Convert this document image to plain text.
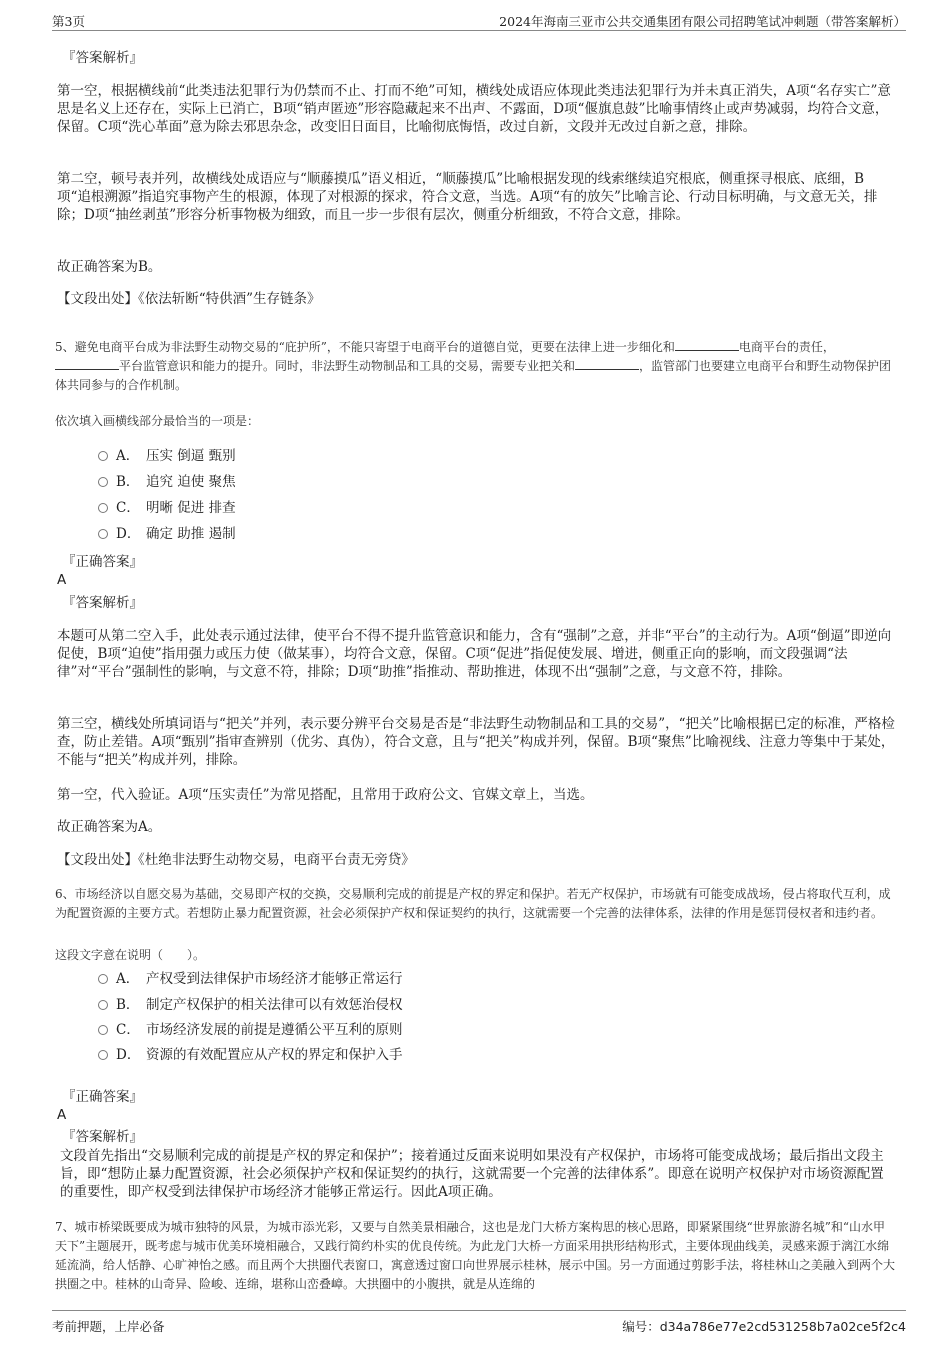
第3页	2024年海南三亚市公共交通集团有限公司招聘笔试冲刺题（带答案解析）
『答案解析』

第一空，根据横线前“此类违法犯罪行为仍禁而不止、打而不绝”可知，横线处成语应体现此类违法犯罪行为并未真正消失，A项“名存实亡”意思是名义上还存在，实际上已消亡，B项“销声匿迹”形容隐藏起来不出声、不露面，D项“偃旗息鼓”比喻事情终止或声势减弱，均符合文意，保留。C项“洗心革面”意为除去邪思杂念，改变旧日面目，比喻彻底悔悟，改过自新，文段并无改过自新之意，排除。

第二空，顿号表并列，故横线处成语应与“顺藤摸瓜”语义相近，“顺藤摸瓜”比喻根据发现的线索继续追究根底，侧重探寻根底、底细，B项“追根溯源”指追究事物产生的根源，体现了对根源的探求，符合文意，当选。A项“有的放矢”比喻言论、行动目标明确，与文意无关，排除；D项“抽丝剥茧”形容分析事物极为细致，而且一步一步很有层次，侧重分析细致，不符合文意，排除。

故正确答案为B。

【文段出处】《依法斩断“特供酒”生存链条》

5、避免电商平台成为非法野生动物交易的“庇护所”，不能只寄望于电商平台的道德自觉，更要在法律上进一步细化和	电商平台的责任，平台监管意识和能力的提升。同时，非法野生动物制品和工具的交易，需要专业把关和	，监管部门也要建立电商平台和野生动物保护团体共同参与的合作机制。

依次填入画横线部分最恰当的一项是：

A． 压实 倒逼 甄别
B． 追究 迫使 聚焦
C． 明晰 促进 排查
D． 确定 助推 遏制
『正确答案』
A
『答案解析』

本题可从第二空入手，此处表示通过法律，使平台不得不提升监管意识和能力，含有“强制”之意，并非“平台”的主动行为。A项“倒逼”即逆向促使，B项“迫使”指用强力或压力使（做某事），均符合文意，保留。C项“促进”指促使发展、增进，侧重正向的影响，而文段强调“法律”对“平台”强制性的影响，与文意不符，排除；D项“助推”指推动、帮助推进，体现不出“强制”之意，与文意不符，排除。

第三空，横线处所填词语与“把关”并列，表示要分辨平台交易是否是“非法野生动物制品和工具的交易”，“把关”比喻根据已定的标准，严格检查，防止差错。A项“甄别”指审查辨别（优劣、真伪），符合文意，且与“把关”构成并列，保留。B项“聚焦”比喻视线、注意力等集中于某处，不能与“把关”构成并列，排除。

第一空，代入验证。A项“压实责任”为常见搭配，且常用于政府公文、官媒文章上，当选。

故正确答案为A。

【文段出处】《杜绝非法野生动物交易，电商平台责无旁贷》

6、市场经济以自愿交易为基础，交易即产权的交换，交易顺利完成的前提是产权的界定和保护。若无产权保护，市场就有可能变成战场，侵占将取代互利，成为配置资源的主要方式。若想防止暴力配置资源，社会必须保护产权和保证契约的执行，这就需要一个完善的法律体系，法律的作用是惩罚侵权者和违约者。

这段文字意在说明（　　）。

A． 产权受到法律保护市场经济才能够正常运行
B． 制定产权保护的相关法律可以有效惩治侵权
C． 市场经济发展的前提是遵循公平互利的原则
D． 资源的有效配置应从产权的界定和保护入手
『正确答案』
A
『答案解析』

文段首先指出“交易顺利完成的前提是产权的界定和保护”；接着通过反面来说明如果没有产权保护，市场将可能变成战场；最后指出文段主旨，即“想防止暴力配置资源，社会必须保护产权和保证契约的执行，这就需要一个完善的法律体系”。即意在说明产权保护对市场资源配置的重要性，即产权受到法律保护市场经济才能够正常运行。因此A项正确。

7、城市桥梁既要成为城市独特的风景，为城市添光彩，又要与自然美景相融合，这也是龙门大桥方案构思的核心思路，即紧紧围绕“世界旅游名城”和“山水甲天下”主题展开，既考虑与城市优美环境相融合，又践行简约朴实的优良传统。为此龙门大桥一方面采用拱形结构形式，主要体现曲线美，灵感来源于漓江水绵延流淌，给人恬静、心旷神怡之感。而且两个大拱圈代表窗口，寓意透过窗口向世界展示桂林，展示中国。另一方面通过剪影手法，将桂林山之美融入到两个大拱圈之中。桂林的山奇异、险峻、连绵，堪称山峦叠嶂。大拱圈中的小腹拱，就是从连绵的

考前押题，上岸必备	编号：d34a786e77e2cd531258b7a02ce5f2c4
